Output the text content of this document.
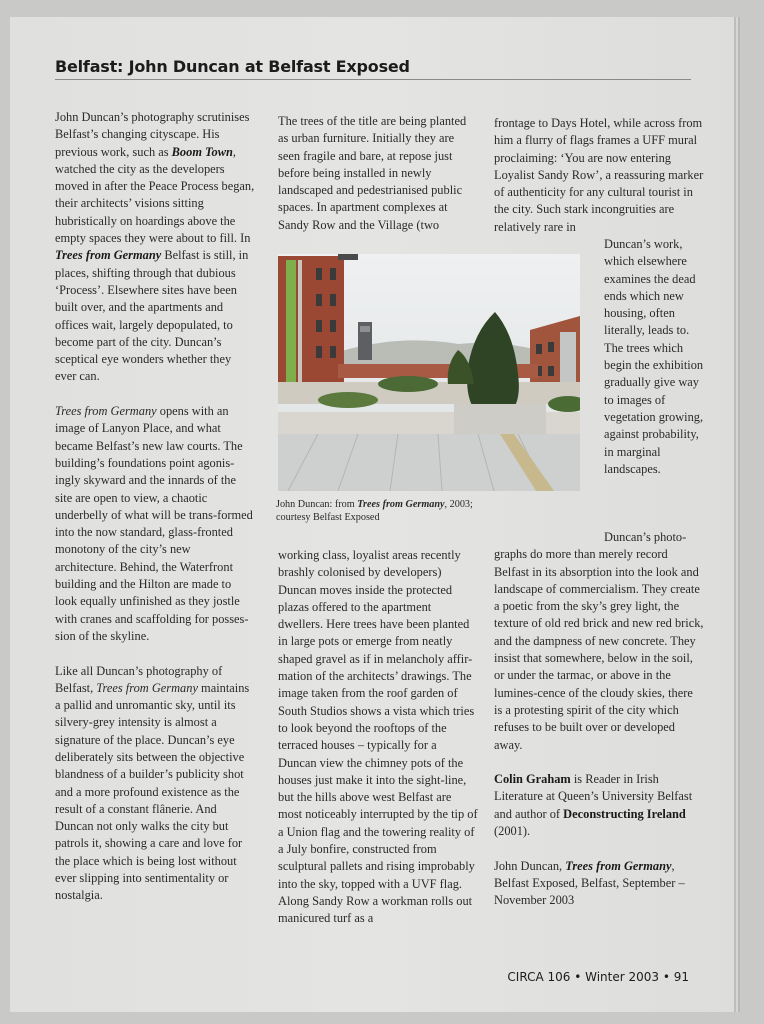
Belfast: John Duncan at Belfast Exposed

John Duncan’s photography scrutinises Belfast’s changing cityscape. His previous work, such as Boom Town, watched the city as the developers moved in after the Peace Process began, their architects’ visions sitting hubristically on hoardings above the empty spaces they were about to fill. In Trees from Germany Belfast is still, in places, shifting through that dubious ‘Process’. Elsewhere sites have been built over, and the apartments and offices wait, largely depopulated, to become part of the city. Duncan’s sceptical eye wonders whether they ever can.

Trees from Germany opens with an image of Lanyon Place, and what became Belfast’s new law courts. The building’s foundations point agonis-ingly skyward and the innards of the site are open to view, a chaotic underbelly of what will be trans-formed into the now standard, glass-fronted monotony of the city’s new architecture. Behind, the Waterfront building and the Hilton are made to look equally unfinished as they jostle with cranes and scaffolding for posses-sion of the skyline.

Like all Duncan’s photography of Belfast, Trees from Germany maintains a pallid and unromantic sky, until its silvery-grey intensity is almost a signature of the place. Duncan’s eye deliberately sits between the objective blandness of a builder’s publicity shot and a more profound existence as the result of a constant flânerie. And Duncan not only walks the city but patrols it, showing a care and love for the place which is being lost without ever slipping into sentimentality or nostalgia.

The trees of the title are being planted as urban furniture. Initially they are seen fragile and bare, at repose just before being installed in newly landscaped and pedestrianised public spaces. In apartment complexes at Sandy Row and the Village (two

John Duncan: from Trees from Germany, 2003;

courtesy Belfast Exposed

working class, loyalist areas recently brashly colonised by developers) Duncan moves inside the protected plazas offered to the apartment dwellers. Here trees have been planted in large pots or emerge from neatly shaped gravel as if in melancholy affir-mation of the architects’ drawings. The image taken from the roof garden of South Studios shows a vista which tries to look beyond the rooftops of the terraced houses – typically for a Duncan view the chimney pots of the houses just make it into the sight-line, but the hills above west Belfast are most noticeably interrupted by the tip of a Union flag and the towering reality of a July bonfire, constructed from sculptural pallets and rising improbably into the sky, topped with a UVF flag. Along Sandy Row a workman rolls out manicured turf as a

frontage to Days Hotel, while across from him a flurry of flags frames a UFF mural proclaiming: ‘You are now entering Loyalist Sandy Row’, a reassuring marker of authenticity for any cultural tourist in the city. Such stark incongruities are relatively rare in

Duncan’s work, which elsewhere examines the dead ends which new housing, often literally, leads to. The trees which begin the exhibition gradually give way to images of vegetation growing, against probability, in marginal landscapes.

Duncan’s photo-graphs do more than merely record Belfast in its absorption into the look and landscape of commercialism. They create a poetic from the sky’s grey light, the texture of old red brick and new red brick, and the dampness of new concrete. They insist that somewhere, below in the soil, or under the tarmac, or above in the lumines-cence of the cloudy skies, there is a protesting spirit of the city which refuses to be built over or developed away.

Colin Graham is Reader in Irish Literature at Queen’s University Belfast and author of Deconstructing Ireland (2001).

John Duncan, Trees from Germany, Belfast Exposed, Belfast, September – November 2003

CIRCA 106 • Winter 2003 • 91
